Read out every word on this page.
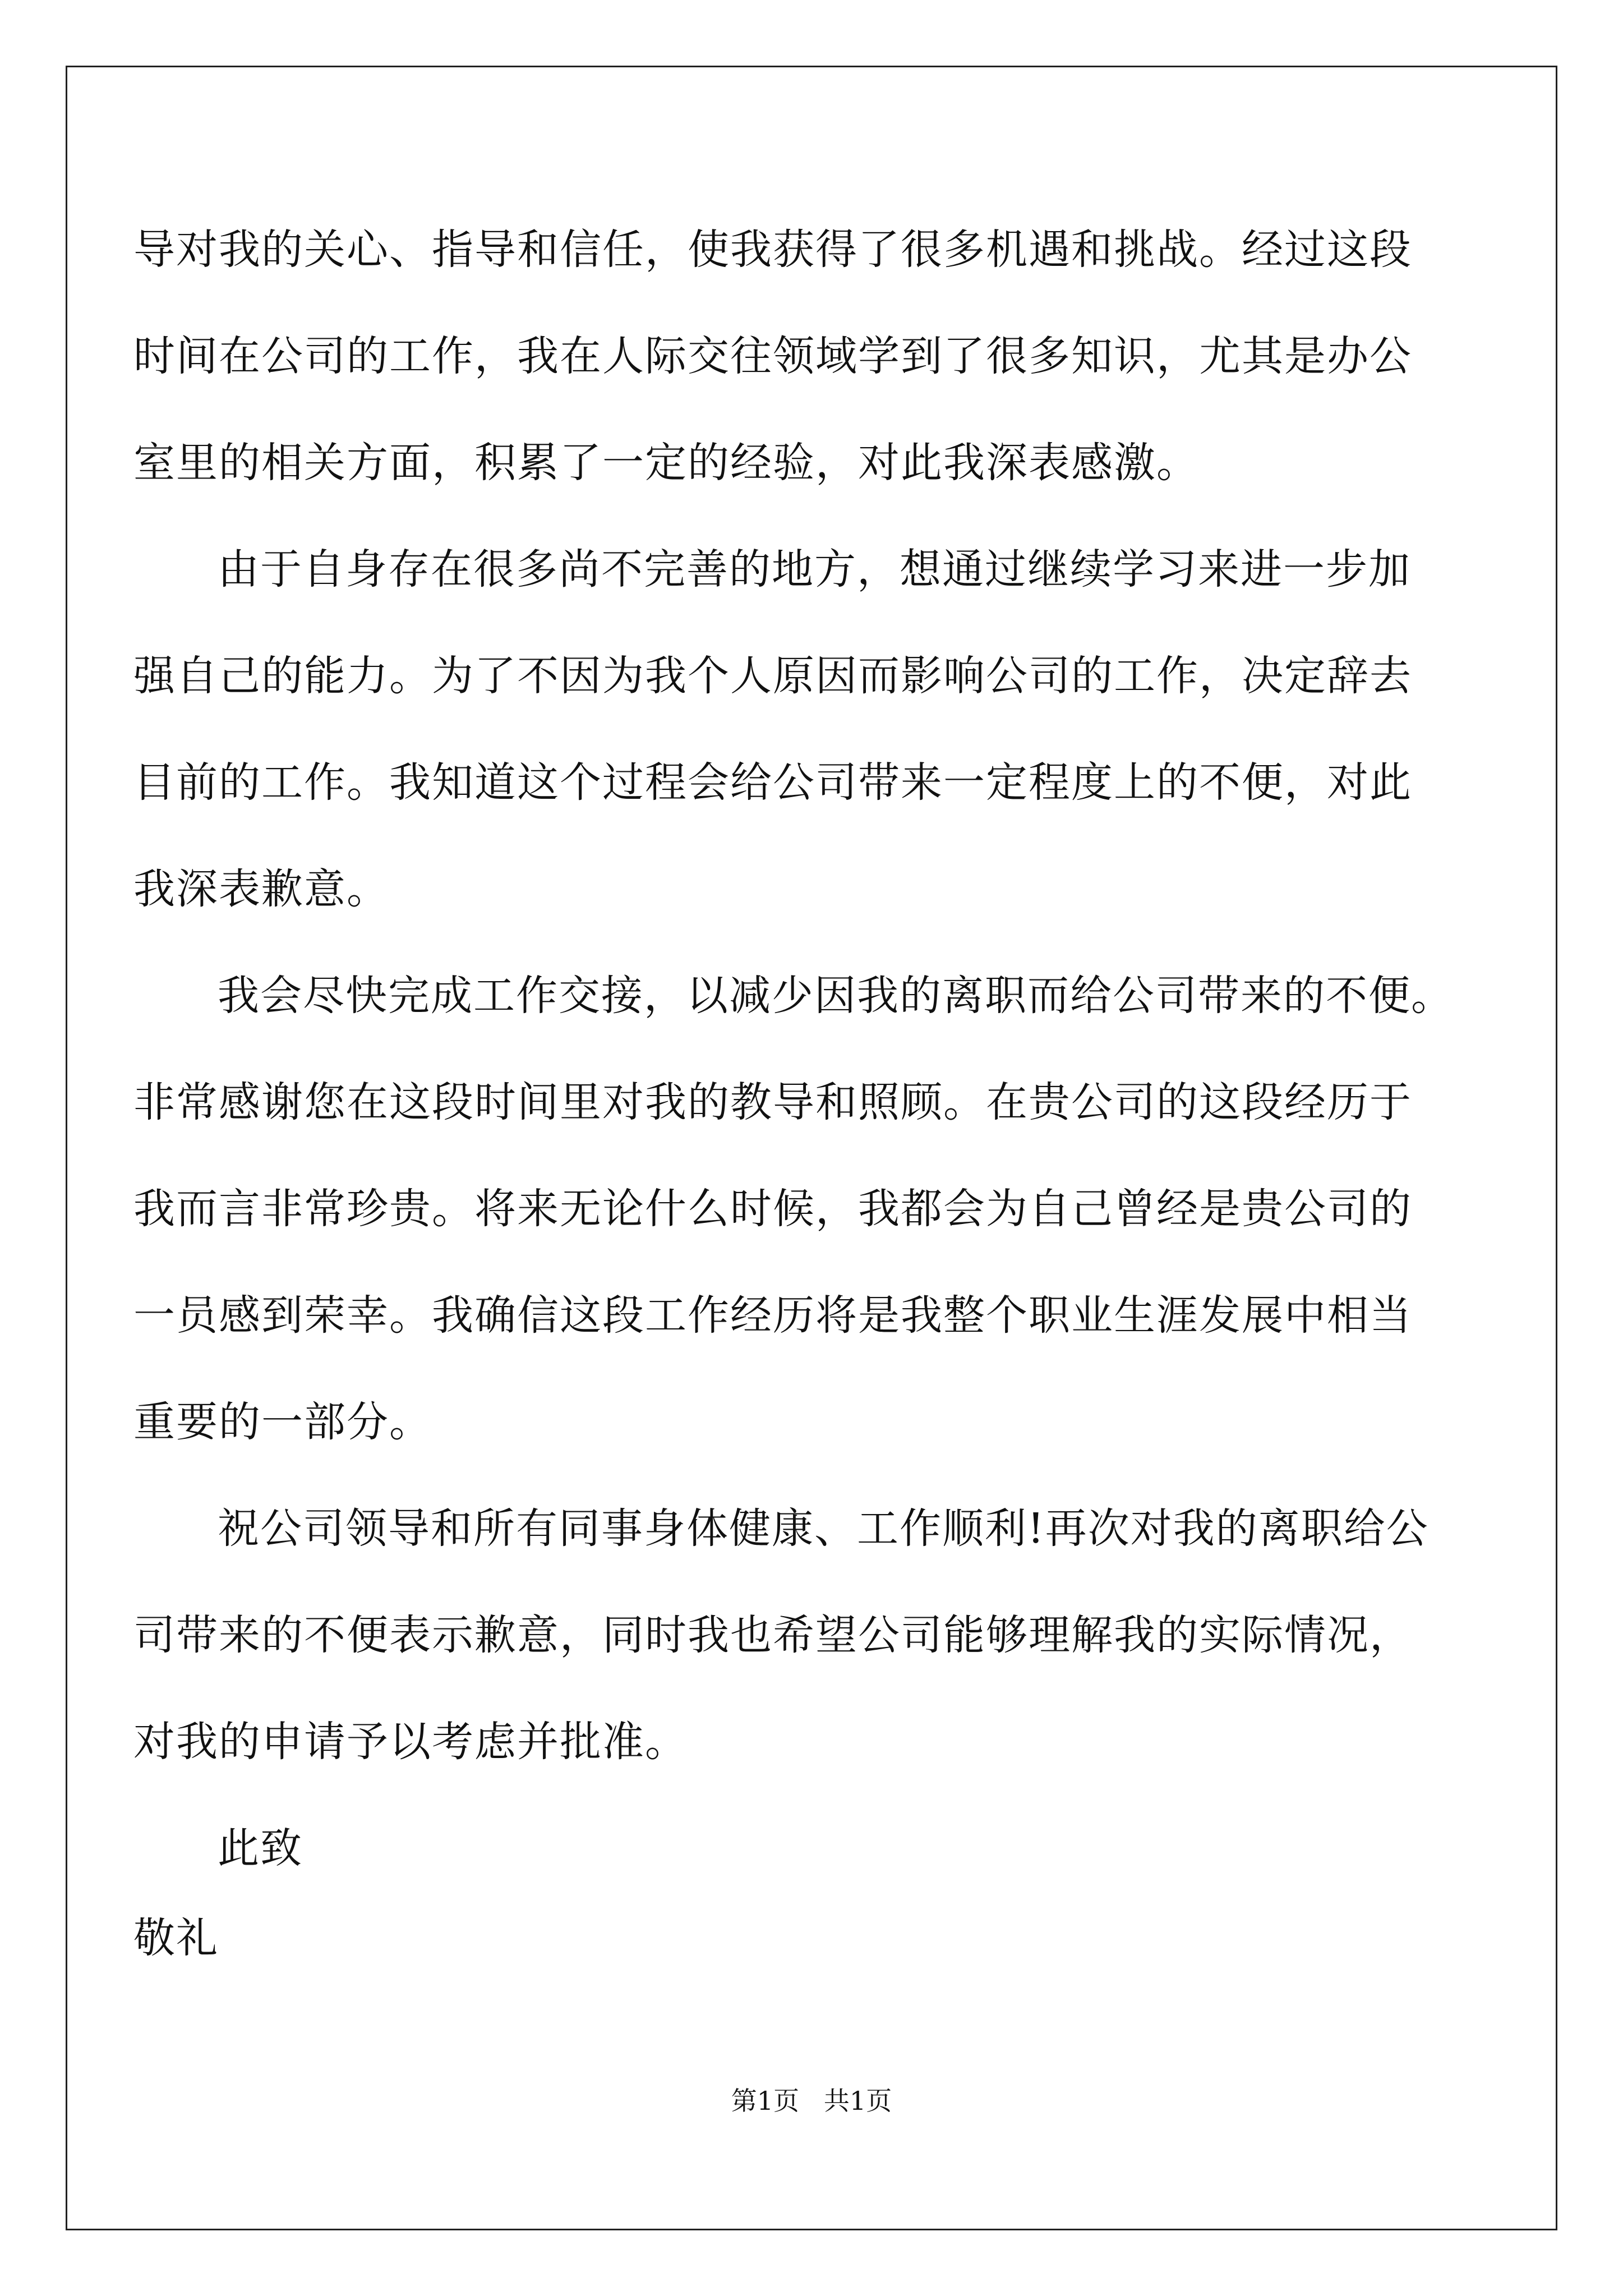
导对我的关心、指导和信任，使我获得了很多机遇和挑战。经过这段
时间在公司的工作，我在人际交往领域学到了很多知识，尤其是办公
室里的相关方面，积累了一定的经验，对此我深表感激。
由于自身存在很多尚不完善的地方，想通过继续学习来进一步加
强自己的能力。为了不因为我个人原因而影响公司的工作，决定辞去
目前的工作。我知道这个过程会给公司带来一定程度上的不便，对此
我深表歉意。
我会尽快完成工作交接，以减少因我的离职而给公司带来的不便。
非常感谢您在这段时间里对我的教导和照顾。在贵公司的这段经历于
我而言非常珍贵。将来无论什么时候，我都会为自己曾经是贵公司的
一员感到荣幸。我确信这段工作经历将是我整个职业生涯发展中相当
重要的一部分。
祝公司领导和所有同事身体健康、工作顺利!再次对我的离职给公
司带来的不便表示歉意，同时我也希望公司能够理解我的实际情况，
对我的申请予以考虑并批准。
此致
敬礼
第1页   共1页
